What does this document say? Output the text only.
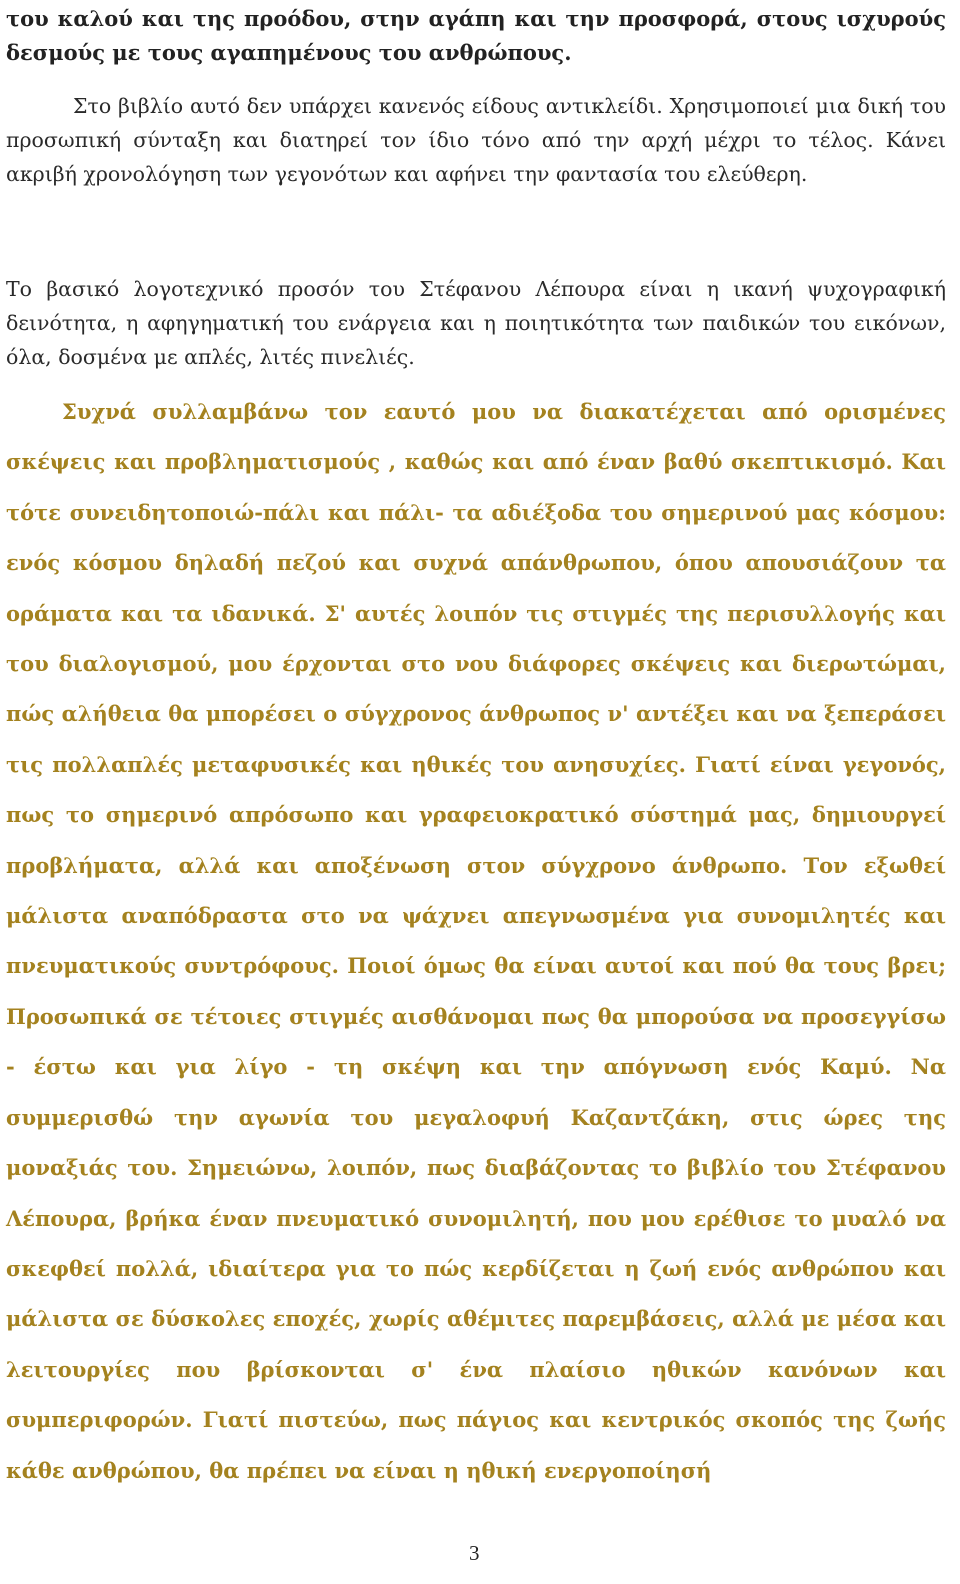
του καλού και της προόδου, στην αγάπη και την προσφορά, στους ισχυρούς δεσμούς με τους αγαπημένους του ανθρώπους.

Στο βιβλίο αυτό δεν υπάρχει κανενός είδους αντικλείδι. Χρησιμοποιεί μια δική του προσωπική σύνταξη και διατηρεί τον ίδιο τόνο από την αρχή μέχρι το τέλος. Κάνει ακριβή χρονολόγηση των γεγονότων και αφήνει την φαντασία του ελεύθερη.

Το βασικό λογοτεχνικό προσόν του Στέφανου Λέπουρα είναι η ικανή ψυχογραφική δεινότητα, η αφηγηματική του ενάργεια και η ποιητικότητα των παιδικών του εικόνων, όλα, δοσμένα με απλές, λιτές πινελιές.

Συχνά συλλαμβάνω τον εαυτό μου να διακατέχεται από ορισμένες σκέψεις και προβληματισμούς , καθώς και από έναν βαθύ σκεπτικισμό. Και τότε συνειδητοποιώ-πάλι και πάλι- τα αδιέξοδα του σημερινού μας κόσμου: ενός κόσμου δηλαδή πεζού και συχνά απάνθρωπου, όπου απουσιάζουν τα οράματα και τα ιδανικά. Σ' αυτές λοιπόν τις στιγμές της περισυλλογής και του διαλογισμού, μου έρχονται στο νου διάφορες σκέψεις και διερωτώμαι, πώς αλήθεια θα μπορέσει ο σύγχρονος άνθρωπος ν' αντέξει και να ξεπεράσει τις πολλαπλές μεταφυσικές και ηθικές του ανησυχίες. Γιατί είναι γεγονός, πως το σημερινό απρόσωπο και γραφειοκρατικό σύστημά μας, δημιουργεί προβλήματα, αλλά και αποξένωση στον σύγχρονο άνθρωπο. Τον εξωθεί μάλιστα αναπόδραστα στο να ψάχνει απεγνωσμένα για συνομιλητές και πνευματικούς συντρόφους. Ποιοί όμως θα είναι αυτοί και πού θα τους βρει; Προσωπικά σε τέτοιες στιγμές αισθάνομαι πως θα μπορούσα να προσεγγίσω - έστω και για λίγο - τη σκέψη και την απόγνωση ενός Καμύ. Να συμμερισθώ την αγωνία του μεγαλοφυή Καζαντζάκη, στις ώρες της μοναξιάς του. Σημειώνω, λοιπόν, πως διαβάζοντας το βιβλίο του Στέφανου Λέπουρα, βρήκα έναν πνευματικό συνομιλητή, που μου ερέθισε το μυαλό να σκεφθεί πολλά, ιδιαίτερα για το πώς κερδίζεται η ζωή ενός ανθρώπου και μάλιστα σε δύσκολες εποχές, χωρίς αθέμιτες παρεμβάσεις, αλλά με μέσα και λειτουργίες που βρίσκονται σ' ένα πλαίσιο ηθικών κανόνων και συμπεριφορών. Γιατί πιστεύω, πως πάγιος και κεντρικός σκοπός της ζωής κάθε ανθρώπου, θα πρέπει να είναι η ηθική ενεργοποίησή

3
